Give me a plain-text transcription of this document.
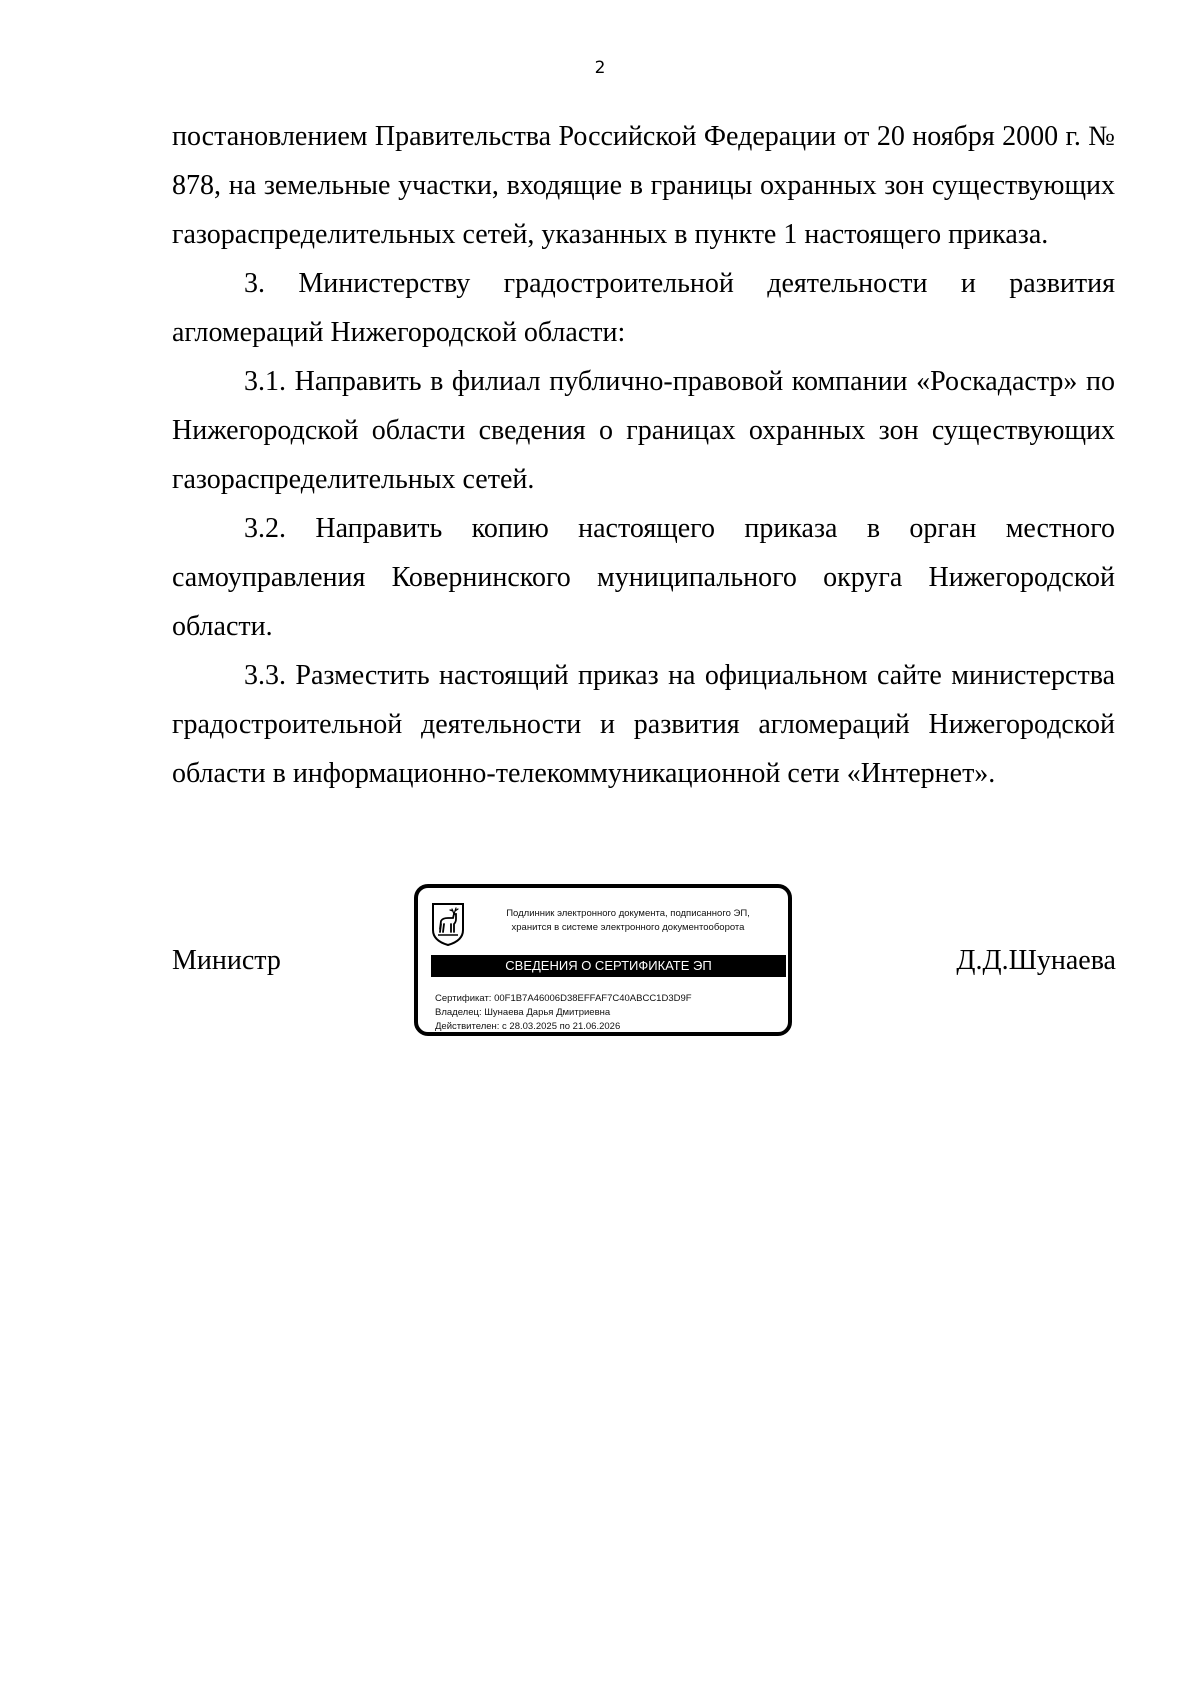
2

постановлением Правительства Российской Федерации от 20 ноября 2000 г. № 878, на земельные участки, входящие в границы охранных зон существующих газораспределительных сетей, указанных в пункте 1 настоящего приказа.

3. Министерству градостроительной деятельности и развития агломераций Нижегородской области:

3.1. Направить в филиал публично-правовой компании «Роскадастр» по Нижегородской области сведения о границах охранных зон существующих газораспределительных сетей.

3.2. Направить копию настоящего приказа в орган местного самоуправления Ковернинского муниципального округа Нижегородской области.

3.3. Разместить настоящий приказ на официальном сайте министерства градостроительной деятельности и развития агломераций Нижегородской области в информационно-телекоммуникационной сети «Интернет».

Министр
Подлинник электронного документа, подписанного ЭП,
хранится в системе электронного документооборота
СВЕДЕНИЯ О СЕРТИФИКАТЕ ЭП
Сертификат: 00F1B7A46006D38EFFAF7C40ABCC1D3D9F
Владелец: Шунаева Дарья Дмитриевна
Действителен: с 28.03.2025 по 21.06.2026
Д.Д.Шунаева
